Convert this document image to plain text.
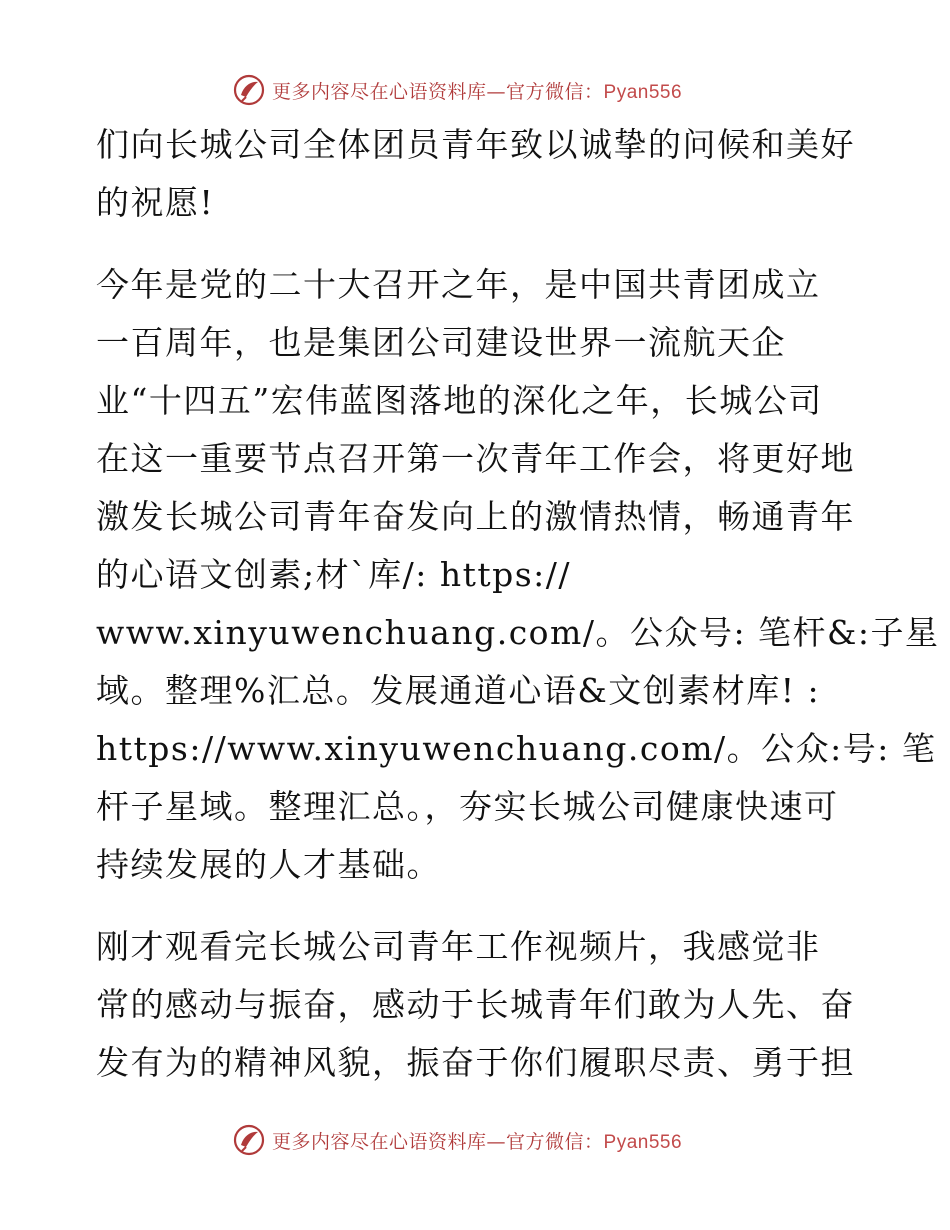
更多内容尽在心语资料库—官方微信：Pyan556
们向长城公司全体团员青年致以诚挚的问候和美好
的祝愿!
今年是党的二十大召开之年，是中国共青团成立
一百周年，也是集团公司建设世界一流航天企
业“十四五”宏伟蓝图落地的深化之年，长城公司
在这一重要节点召开第一次青年工作会，将更好地
激发长城公司青年奋发向上的激情热情，畅通青年
的心语文创素;材`库/: https://
www.xinyuwenchuang.com/。公众号: 笔杆&:子星
域。整理%汇总。发展通道心语&文创素材库! :
https://www.xinyuwenchuang.com/。公众:号: 笔
杆子星域。整理汇总。，夯实长城公司健康快速可
持续发展的人才基础。
刚才观看完长城公司青年工作视频片，我感觉非
常的感动与振奋，感动于长城青年们敢为人先、奋
发有为的精神风貌，振奋于你们履职尽责、勇于担
更多内容尽在心语资料库—官方微信：Pyan556
